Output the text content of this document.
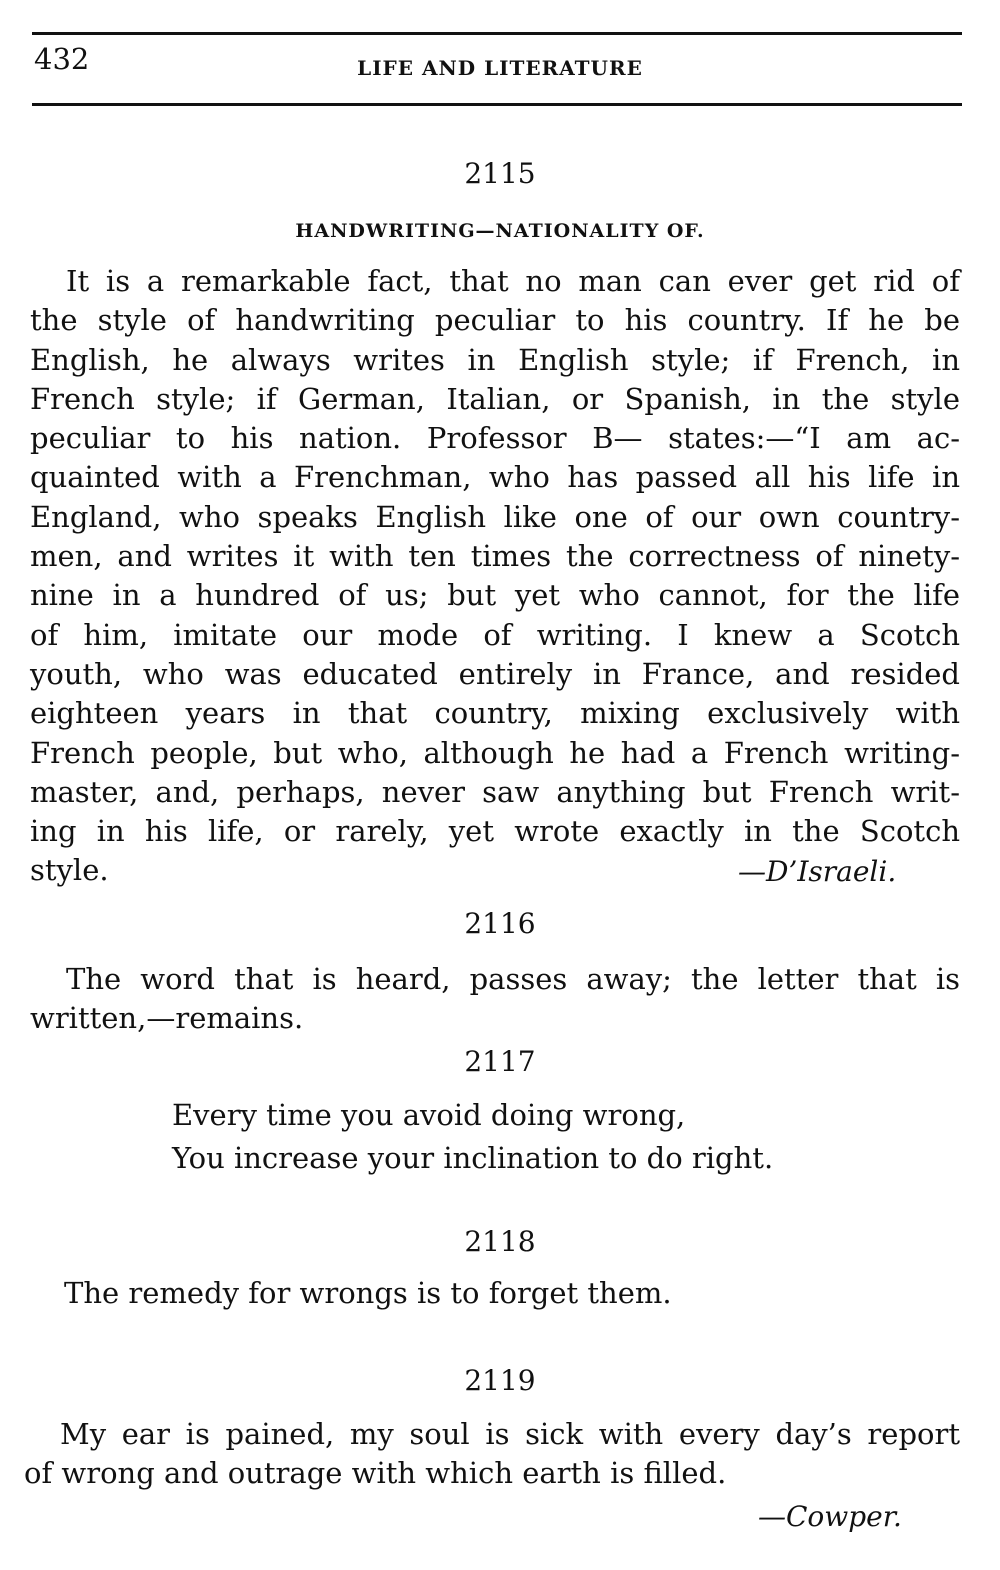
432	LIFE AND LITERATURE
2115
HANDWRITING—NATIONALITY OF.
It is a remarkable fact, that no man can ever get rid of
the style of handwriting peculiar to his country. If he be
English, he always writes in English style; if French, in
French style; if German, Italian, or Spanish, in the style
peculiar to his nation. Professor B— states:—“I am ac-
quainted with a Frenchman, who has passed all his life in
England, who speaks English like one of our own country-
men, and writes it with ten times the correctness of ninety-
nine in a hundred of us; but yet who cannot, for the life
of him, imitate our mode of writing. I knew a Scotch
youth, who was educated entirely in France, and resided
eighteen years in that country, mixing exclusively with
French people, but who, although he had a French writing-
master, and, perhaps, never saw anything but French writ-
ing in his life, or rarely, yet wrote exactly in the Scotch
style.	—D’Israeli.
2116
The word that is heard, passes away; the letter that is
written,—remains.
2117
Every time you avoid doing wrong,
You increase your inclination to do right.
2118
The remedy for wrongs is to forget them.
2119
My ear is pained, my soul is sick with every day’s report
of wrong and outrage with which earth is filled.
—Cowper.
